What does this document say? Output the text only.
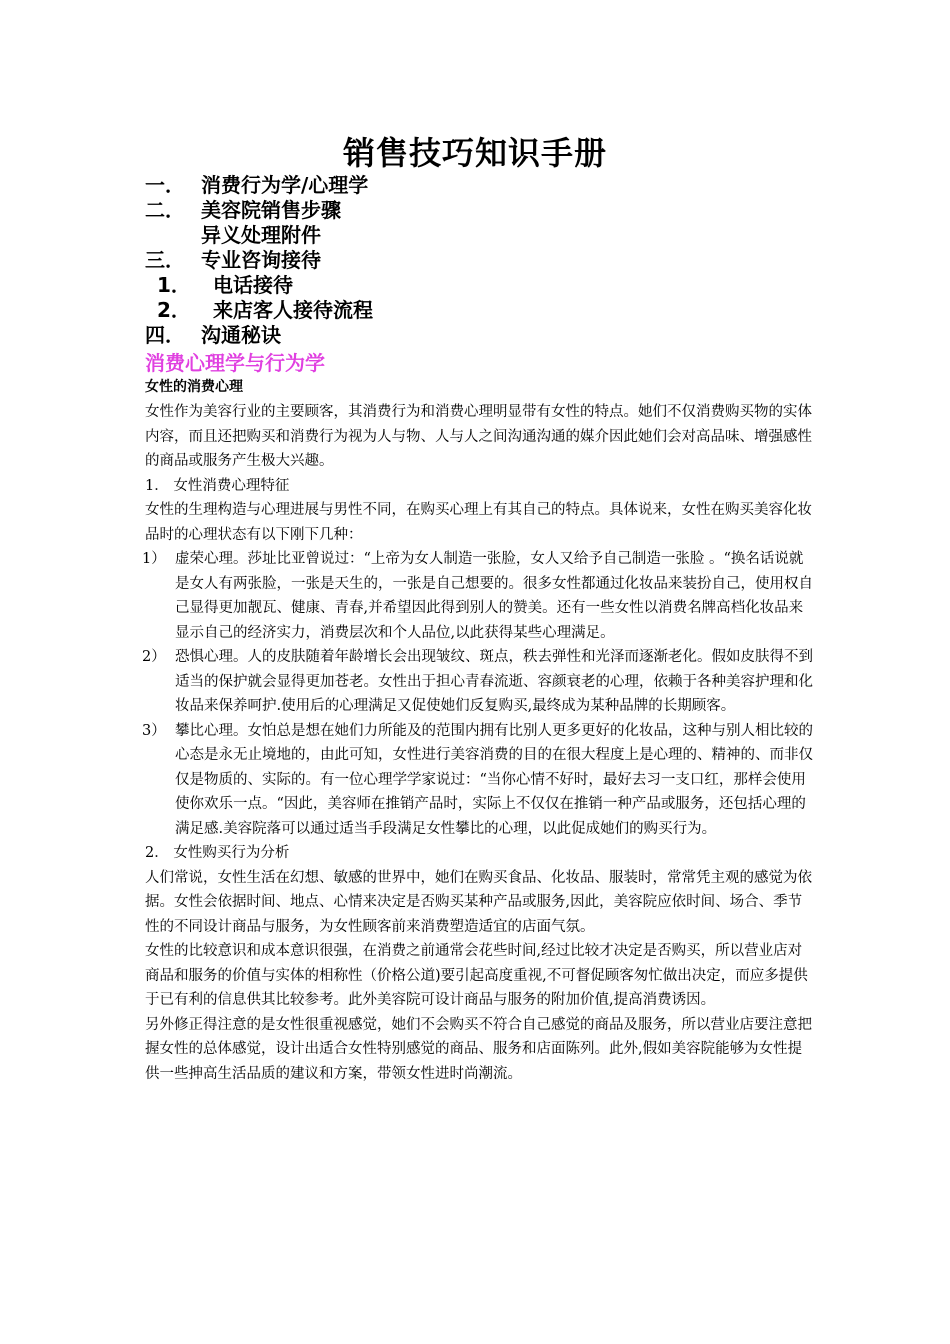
销售技巧知识手册
一． 消费行为学/心理学
二． 美容院销售步骤
异义处理附件
三． 专业咨询接待
1． 电话接待
2． 来店客人接待流程
四． 沟通秘诀
消费心理学与行为学
女性的消费心理

女性作为美容行业的主要顾客，其消费行为和消费心理明显带有女性的特点。她们不仅消费购买物的实体内容，而且还把购买和消费行为视为人与物、人与人之间沟通沟通的媒介因此她们会对高品味、增强感性的商品或服务产生极大兴趣。

1． 女性消费心理特征

女性的生理构造与心理进展与男性不同，在购买心理上有其自己的特点。具体说来，女性在购买美容化妆品时的心理状态有以下刚下几种：

1） 虚荣心理。莎址比亚曾说过：“上帝为女人制造一张脸，女人又给予自己制造一张脸 。“换名话说就是女人有两张脸，一张是天生的，一张是自己想要的。很多女性都通过化妆品来装扮自己，使用权自己显得更加靓瓦、健康、青春,并希望因此得到别人的赞美。还有一些女性以消费名牌高档化妆品来显示自己的经济实力，消费层次和个人品位,以此获得某些心理满足。
2） 恐惧心理。人的皮肤随着年龄增长会出现皱纹、斑点，秩去弹性和光泽而逐渐老化。假如皮肤得不到适当的保护就会显得更加苍老。女性出于担心青春流逝、容颜衰老的心理，依赖于各种美容护理和化妆品来保养呵护.使用后的心理满足又促使她们反复购买,最终成为某种品牌的长期顾客。
3） 攀比心理。女怕总是想在她们力所能及的范围内拥有比别人更多更好的化妆品，这种与别人相比较的心态是永无止境地的，由此可知，女性进行美容消费的目的在很大程度上是心理的、精神的、而非仅仅是物质的、实际的。有一位心理学学家说过：“当你心情不好时，最好去习一支口红，那样会使用使你欢乐一点。“因此，美容师在推销产品时，实际上不仅仅在推销一种产品或服务，还包括心理的满足感.美容院落可以通过适当手段满足女性攀比的心理，以此促成她们的购买行为。

2． 女性购买行为分析

人们常说，女性生活在幻想、敏感的世界中，她们在购买食品、化妆品、服装时，常常凭主观的感觉为依据。女性会依据时间、地点、心情来决定是否购买某种产品或服务,因此，美容院应依时间、场合、季节性的不同设计商品与服务，为女性顾客前来消费塑造适宜的店面气氛。

女性的比较意识和成本意识很强，在消费之前通常会花些时间,经过比较才决定是否购买，所以营业店对商品和服务的价值与实体的相称性（价格公道)要引起高度重视,不可督促顾客匆忙做出决定，而应多提供于已有利的信息供其比较参考。此外美容院可设计商品与服务的附加价值,提高消费诱因。

另外修正得注意的是女性很重视感觉，她们不会购买不符合自己感觉的商品及服务，所以营业店要注意把握女性的总体感觉，设计出适合女性特别感觉的商品、服务和店面陈列。此外,假如美容院能够为女性提供一些抻高生活品质的建议和方案，带领女性进时尚潮流。
